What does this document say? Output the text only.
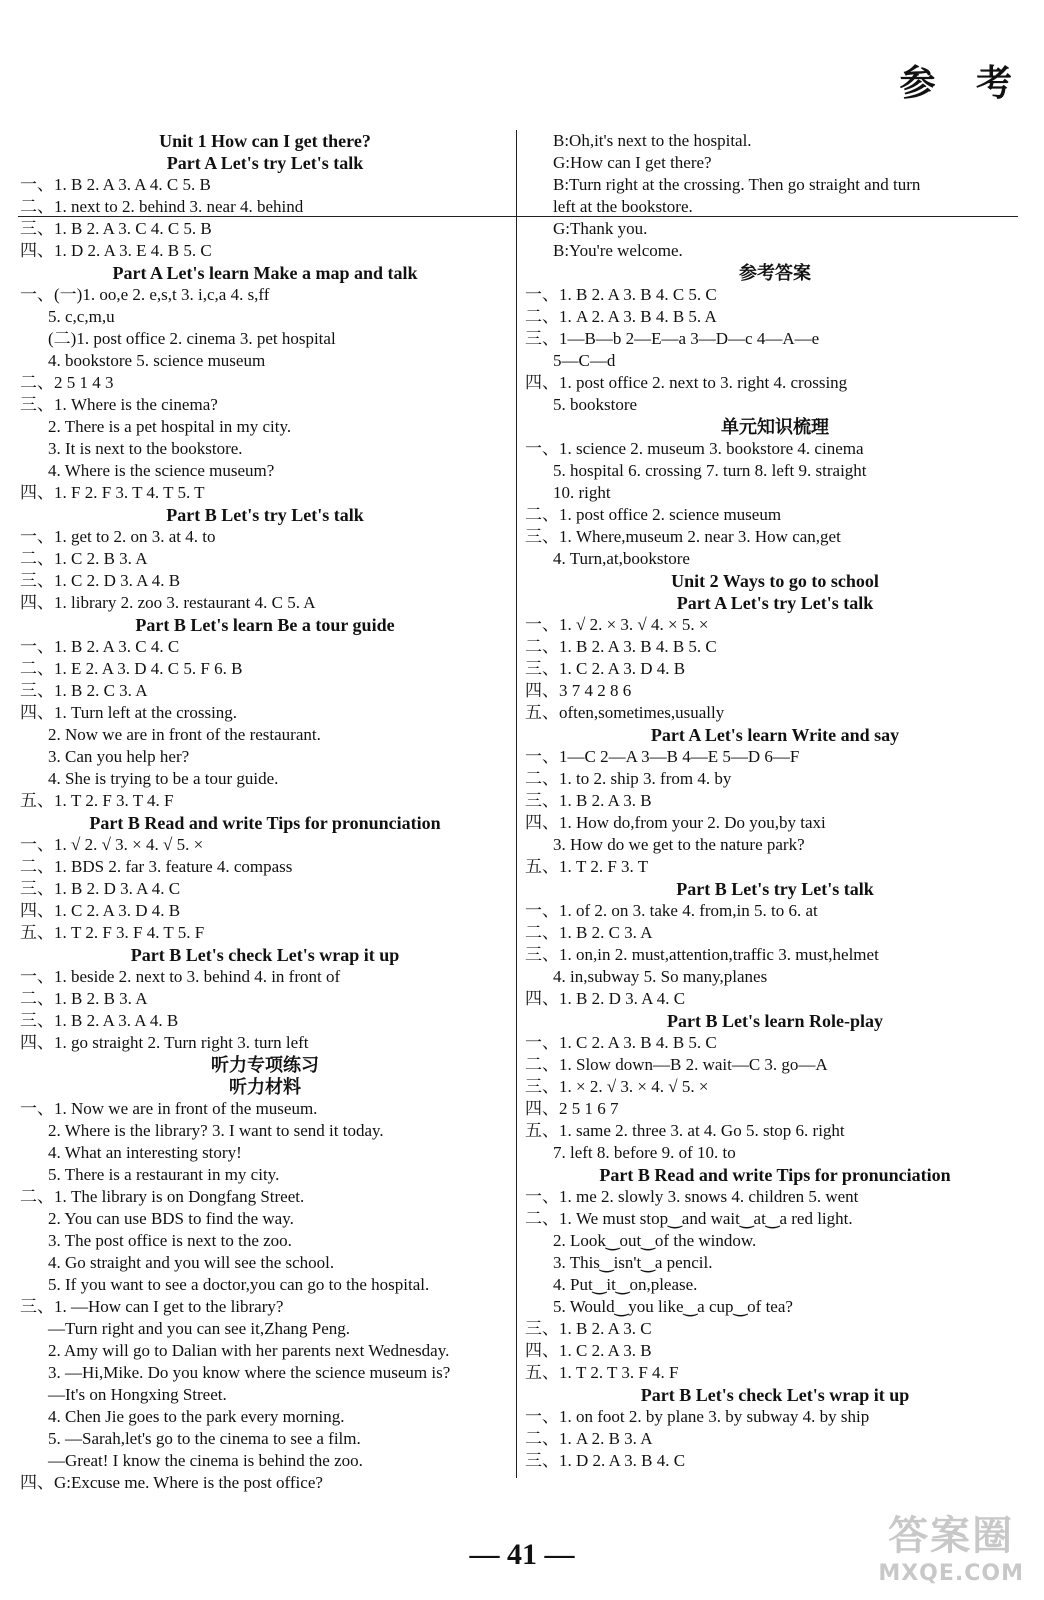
参 考
Unit 1 How can I get there?
Part A Let's try Let's talk
一、1. B 2. A 3. A 4. C 5. B
二、1. next to 2. behind 3. near 4. behind
三、1. B 2. A 3. C 4. C 5. B
四、1. D 2. A 3. E 4. B 5. C
Part A Let's learn Make a map and talk
一、(一)1. oo,e 2. e,s,t 3. i,c,a 4. s,ff
5. c,c,m,u
(二)1. post office 2. cinema 3. pet hospital
4. bookstore 5. science museum
二、2 5 1 4 3
三、1. Where is the cinema?
2. There is a pet hospital in my city.
3. It is next to the bookstore.
4. Where is the science museum?
四、1. F 2. F 3. T 4. T 5. T
Part B Let's try Let's talk
一、1. get to 2. on 3. at 4. to
二、1. C 2. B 3. A
三、1. C 2. D 3. A 4. B
四、1. library 2. zoo 3. restaurant 4. C 5. A
Part B Let's learn Be a tour guide
一、1. B 2. A 3. C 4. C
二、1. E 2. A 3. D 4. C 5. F 6. B
三、1. B 2. C 3. A
四、1. Turn left at the crossing.
2. Now we are in front of the restaurant.
3. Can you help her?
4. She is trying to be a tour guide.
五、1. T 2. F 3. T 4. F
Part B Read and write Tips for pronunciation
一、1. √ 2. √ 3. × 4. √ 5. ×
二、1. BDS 2. far 3. feature 4. compass
三、1. B 2. D 3. A 4. C
四、1. C 2. A 3. D 4. B
五、1. T 2. F 3. F 4. T 5. F
Part B Let's check Let's wrap it up
一、1. beside 2. next to 3. behind 4. in front of
二、1. B 2. B 3. A
三、1. B 2. A 3. A 4. B
四、1. go straight 2. Turn right 3. turn left
听力专项练习
听力材料
一、1. Now we are in front of the museum.
2. Where is the library? 3. I want to send it today.
4. What an interesting story!
5. There is a restaurant in my city.
二、1. The library is on Dongfang Street.
2. You can use BDS to find the way.
3. The post office is next to the zoo.
4. Go straight and you will see the school.
5. If you want to see a doctor,you can go to the hospital.
三、1. —How can I get to the library?
—Turn right and you can see it,Zhang Peng.
2. Amy will go to Dalian with her parents next Wednesday.
3. —Hi,Mike. Do you know where the science museum is?
—It's on Hongxing Street.
4. Chen Jie goes to the park every morning.
5. —Sarah,let's go to the cinema to see a film.
—Great! I know the cinema is behind the zoo.
四、G:Excuse me. Where is the post office?
B:Oh,it's next to the hospital.
G:How can I get there?
B:Turn right at the crossing. Then go straight and turn
left at the bookstore.
G:Thank you.
B:You're welcome.
参考答案
一、1. B 2. A 3. B 4. C 5. C
二、1. A 2. A 3. B 4. B 5. A
三、1—B—b 2—E—a 3—D—c 4—A—e
5—C—d
四、1. post office 2. next to 3. right 4. crossing
5. bookstore
单元知识梳理
一、1. science 2. museum 3. bookstore 4. cinema
5. hospital 6. crossing 7. turn 8. left 9. straight
10. right
二、1. post office 2. science museum
三、1. Where,museum 2. near 3. How can,get
4. Turn,at,bookstore
Unit 2 Ways to go to school
Part A Let's try Let's talk
一、1. √ 2. × 3. √ 4. × 5. ×
二、1. B 2. A 3. B 4. B 5. C
三、1. C 2. A 3. D 4. B
四、3 7 4 2 8 6
五、often,sometimes,usually
Part A Let's learn Write and say
一、1—C 2—A 3—B 4—E 5—D 6—F
二、1. to 2. ship 3. from 4. by
三、1. B 2. A 3. B
四、1. How do,from your 2. Do you,by taxi
3. How do we get to the nature park?
五、1. T 2. F 3. T
Part B Let's try Let's talk
一、1. of 2. on 3. take 4. from,in 5. to 6. at
二、1. B 2. C 3. A
三、1. on,in 2. must,attention,traffic 3. must,helmet
4. in,subway 5. So many,planes
四、1. B 2. D 3. A 4. C
Part B Let's learn Role-play
一、1. C 2. A 3. B 4. B 5. C
二、1. Slow down—B 2. wait—C 3. go—A
三、1. × 2. √ 3. × 4. √ 5. ×
四、2 5 1 6 7
五、1. same 2. three 3. at 4. Go 5. stop 6. right
7. left 8. before 9. of 10. to
Part B Read and write Tips for pronunciation
一、1. me 2. slowly 3. snows 4. children 5. went
二、1. We must stop‿and wait‿at‿a red light.
2. Look‿out‿of the window.
3. This‿isn't‿a pencil.
4. Put‿it‿on,please.
5. Would‿you like‿a cup‿of tea?
三、1. B 2. A 3. C
四、1. C 2. A 3. B
五、1. T 2. T 3. F 4. F
Part B Let's check Let's wrap it up
一、1. on foot 2. by plane 3. by subway 4. by ship
二、1. A 2. B 3. A
三、1. D 2. A 3. B 4. C
— 41 —	答案圈
MXQE.COM
